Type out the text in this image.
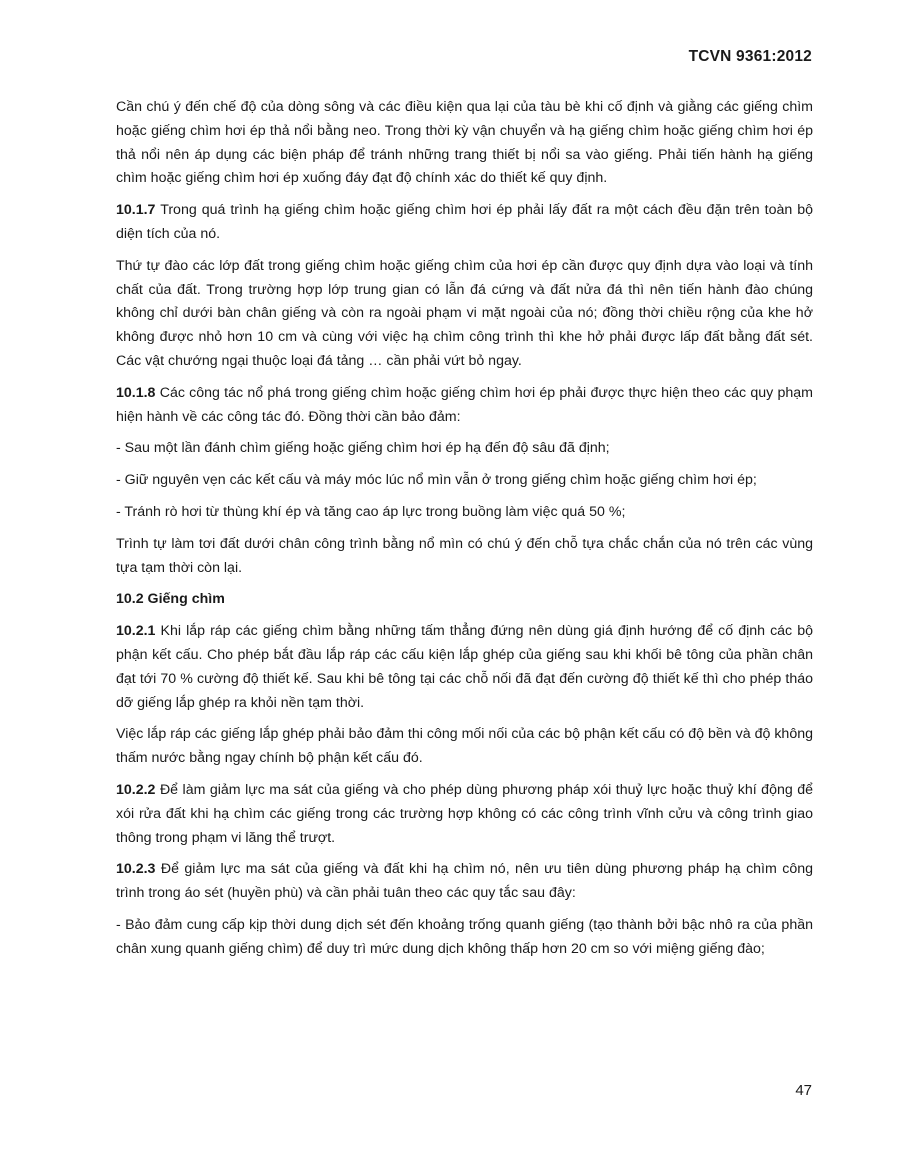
TCVN 9361:2012

Cần chú ý đến chế độ của dòng sông và các điều kiện qua lại của tàu bè khi cố định và giằng các giếng chìm hoặc giếng chìm hơi ép thả nổi bằng neo. Trong thời kỳ vận chuyển và hạ giếng chìm hoặc giếng chìm hơi ép thả nổi nên áp dụng các biện pháp để tránh những trang thiết bị nổi sa vào giếng. Phải tiến hành hạ giếng chìm hoặc giếng chìm hơi ép xuống đáy đạt độ chính xác do thiết kế quy định.

10.1.7 Trong quá trình hạ giếng chìm hoặc giếng chìm hơi ép phải lấy đất ra một cách đều đặn trên toàn bộ diện tích của nó.

Thứ tự đào các lớp đất trong giếng chìm hoặc giếng chìm của hơi ép cần được quy định dựa vào loại và tính chất của đất. Trong trường hợp lớp trung gian có lẫn đá cứng và đất nửa đá thì nên tiến hành đào chúng không chỉ dưới bàn chân giếng và còn ra ngoài phạm vi mặt ngoài của nó; đồng thời chiều rộng của khe hở không được nhỏ hơn 10 cm và cùng với việc hạ chìm công trình thì khe hở phải được lấp đất bằng đất sét. Các vật chướng ngại thuộc loại đá tảng … cần phải vứt bỏ ngay.

10.1.8 Các công tác nổ phá trong giếng chìm hoặc giếng chìm hơi ép phải được thực hiện theo các quy phạm hiện hành về các công tác đó. Đồng thời cần bảo đảm:

- Sau một lần đánh chìm giếng hoặc giếng chìm hơi ép hạ đến độ sâu đã định;

- Giữ nguyên vẹn các kết cấu và máy móc lúc nổ mìn vẫn ở trong giếng chìm hoặc giếng chìm hơi ép;

- Tránh rò hơi từ thùng khí ép và tăng cao áp lực trong buồng làm việc quá 50 %;

Trình tự làm tơi đất dưới chân công trình bằng nổ mìn có chú ý đến chỗ tựa chắc chắn của nó trên các vùng tựa tạm thời còn lại.

10.2 Giếng chìm

10.2.1 Khi lắp ráp các giếng chìm bằng những tấm thẳng đứng nên dùng giá định hướng để cố định các bộ phận kết cấu. Cho phép bắt đầu lắp ráp các cấu kiện lắp ghép của giếng sau khi khối bê tông của phần chân đạt tới 70 % cường độ thiết kế. Sau khi bê tông tại các chỗ nối đã đạt đến cường độ thiết kế thì cho phép tháo dỡ giếng lắp ghép ra khỏi nền tạm thời.

Việc lắp ráp các giếng lắp ghép phải bảo đảm thi công mối nối của các bộ phận kết cấu có độ bền và độ không thấm nước bằng ngay chính bộ phận kết cấu đó.

10.2.2 Để làm giảm lực ma sát của giếng và cho phép dùng phương pháp xói thuỷ lực hoặc thuỷ khí động để xói rửa đất khi hạ chìm các giếng trong các trường hợp không có các công trình vĩnh cửu và công trình giao thông trong phạm vi lăng thể trượt.

10.2.3 Để giảm lực ma sát của giếng và đất khi hạ chìm nó, nên ưu tiên dùng phương pháp hạ chìm công trình trong áo sét (huyền phù) và cần phải tuân theo các quy tắc sau đây:

- Bảo đảm cung cấp kịp thời dung dịch sét đến khoảng trống quanh giếng (tạo thành bởi bậc nhô ra của phần chân xung quanh giếng chìm) để duy trì mức dung dịch không thấp hơn 20 cm so với miệng giếng đào;

47
